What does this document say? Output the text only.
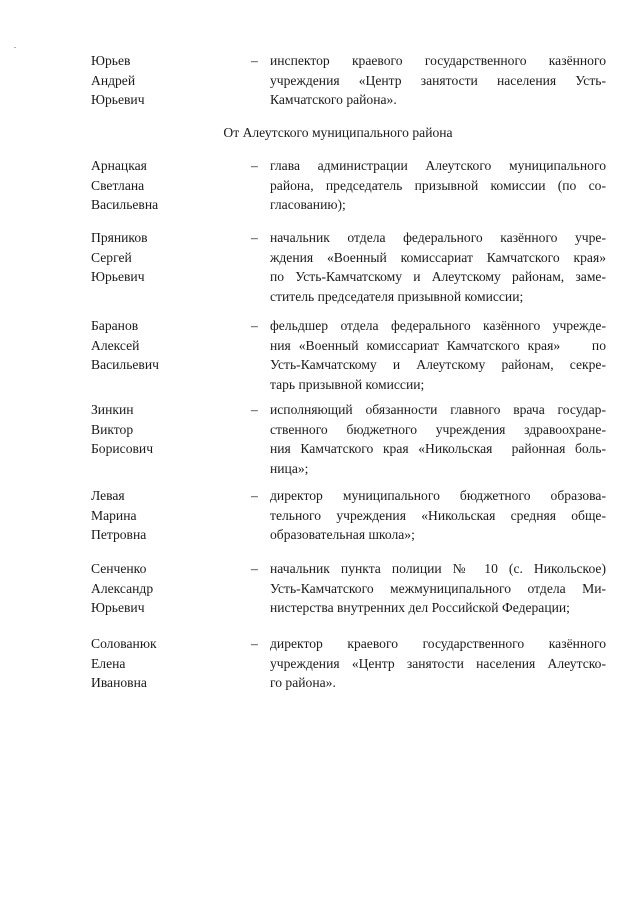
Юрьев
Андрей
Юрьевич
– инспектор краевого государственного казённого
учреждения «Центр занятости населения Усть-
Камчатского района».
От Алеутского муниципального района
Арнацкая
Светлана
Васильевна
– глава администрации Алеутского муниципального
района, председатель призывной комиссии (по со-
гласованию);
Пряников
Сергей
Юрьевич
– начальник отдела федерального казённого учре-
ждения «Военный комиссариат Камчатского края»
по Усть-Камчатскому и Алеутскому районам, заме-
ститель председателя призывной комиссии;
Баранов
Алексей
Васильевич
– фельдшер отдела федерального казённого учрежде-
ния «Военный комиссариат Камчатского края»    по
Усть-Камчатскому и Алеутскому районам, секре-
тарь призывной комиссии;
Зинкин
Виктор
Борисович
– исполняющий обязанности главного врача государ-
ственного бюджетного учреждения здравоохране-
ния Камчатского края «Никольская  районная боль-
ница»;
Левая
Марина
Петровна
– директор муниципального бюджетного образова-
тельного учреждения «Никольская средняя обще-
образовательная школа»;
Сенченко
Александр
Юрьевич
– начальник пункта полиции № 10 (с. Никольское)
Усть-Камчатского межмуниципального отдела Ми-
нистерства внутренних дел Российской Федерации;
Солованюк
Елена
Ивановна
– директор краевого государственного казённого
учреждения «Центр занятости населения Алеутско-
го района».
